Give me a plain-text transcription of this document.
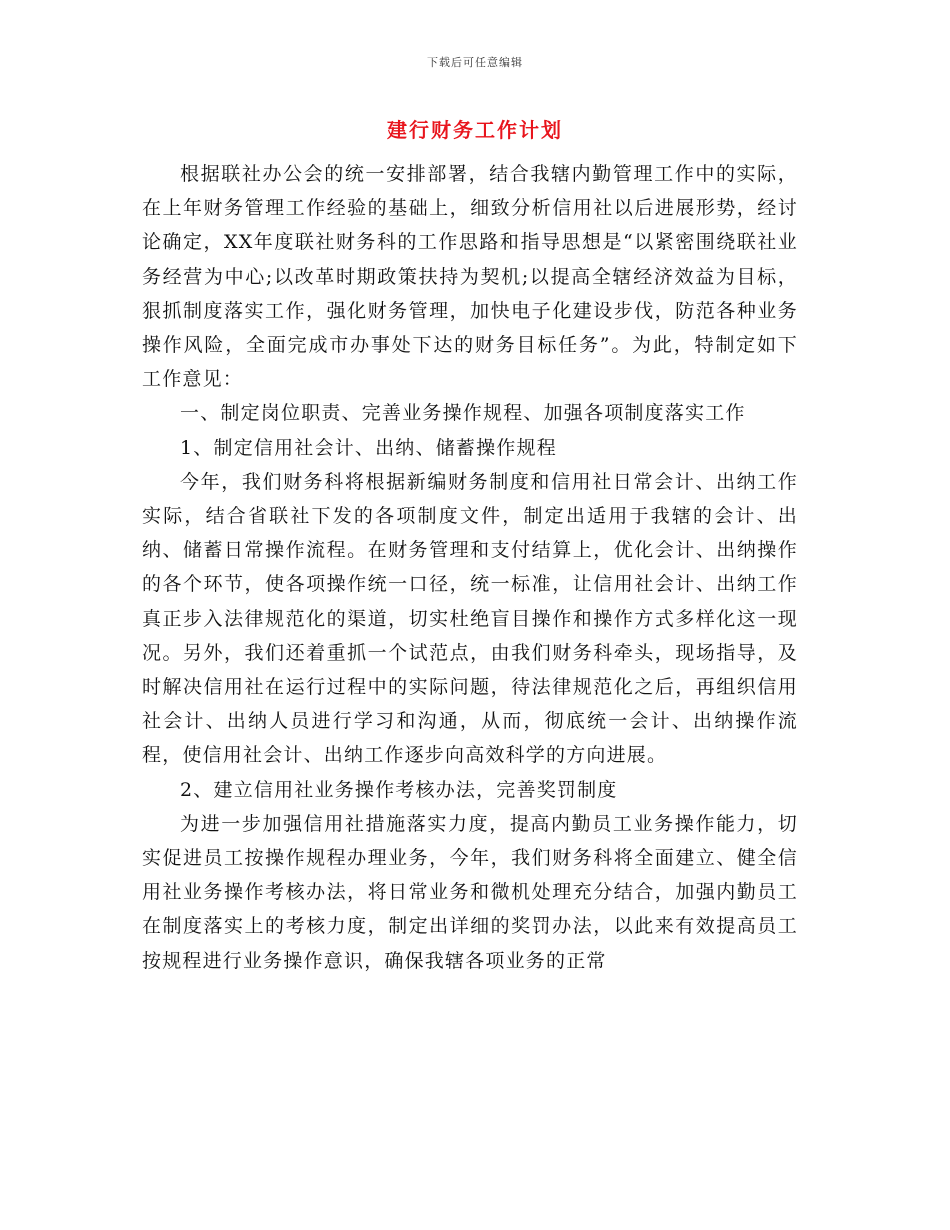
下载后可任意编辑
建行财务工作计划

根据联社办公会的统一安排部署，结合我辖内勤管理工作中的实际，在上年财务管理工作经验的基础上，细致分析信用社以后进展形势，经讨论确定，XX年度联社财务科的工作思路和指导思想是“以紧密围绕联社业务经营为中心;以改革时期政策扶持为契机;以提高全辖经济效益为目标，狠抓制度落实工作，强化财务管理，加快电子化建设步伐，防范各种业务操作风险，全面完成市办事处下达的财务目标任务”。为此，特制定如下工作意见：

一、制定岗位职责、完善业务操作规程、加强各项制度落实工作

1、制定信用社会计、出纳、储蓄操作规程

今年，我们财务科将根据新编财务制度和信用社日常会计、出纳工作实际，结合省联社下发的各项制度文件，制定出适用于我辖的会计、出纳、储蓄日常操作流程。在财务管理和支付结算上，优化会计、出纳操作的各个环节，使各项操作统一口径，统一标准，让信用社会计、出纳工作真正步入法律规范化的渠道，切实杜绝盲目操作和操作方式多样化这一现况。另外，我们还着重抓一个试范点，由我们财务科牵头，现场指导，及时解决信用社在运行过程中的实际问题，待法律规范化之后，再组织信用社会计、出纳人员进行学习和沟通，从而，彻底统一会计、出纳操作流程，使信用社会计、出纳工作逐步向高效科学的方向进展。

2、建立信用社业务操作考核办法，完善奖罚制度

为进一步加强信用社措施落实力度，提高内勤员工业务操作能力，切实促进员工按操作规程办理业务，今年，我们财务科将全面建立、健全信用社业务操作考核办法，将日常业务和微机处理充分结合，加强内勤员工在制度落实上的考核力度，制定出详细的奖罚办法，以此来有效提高员工按规程进行业务操作意识，确保我辖各项业务的正常
